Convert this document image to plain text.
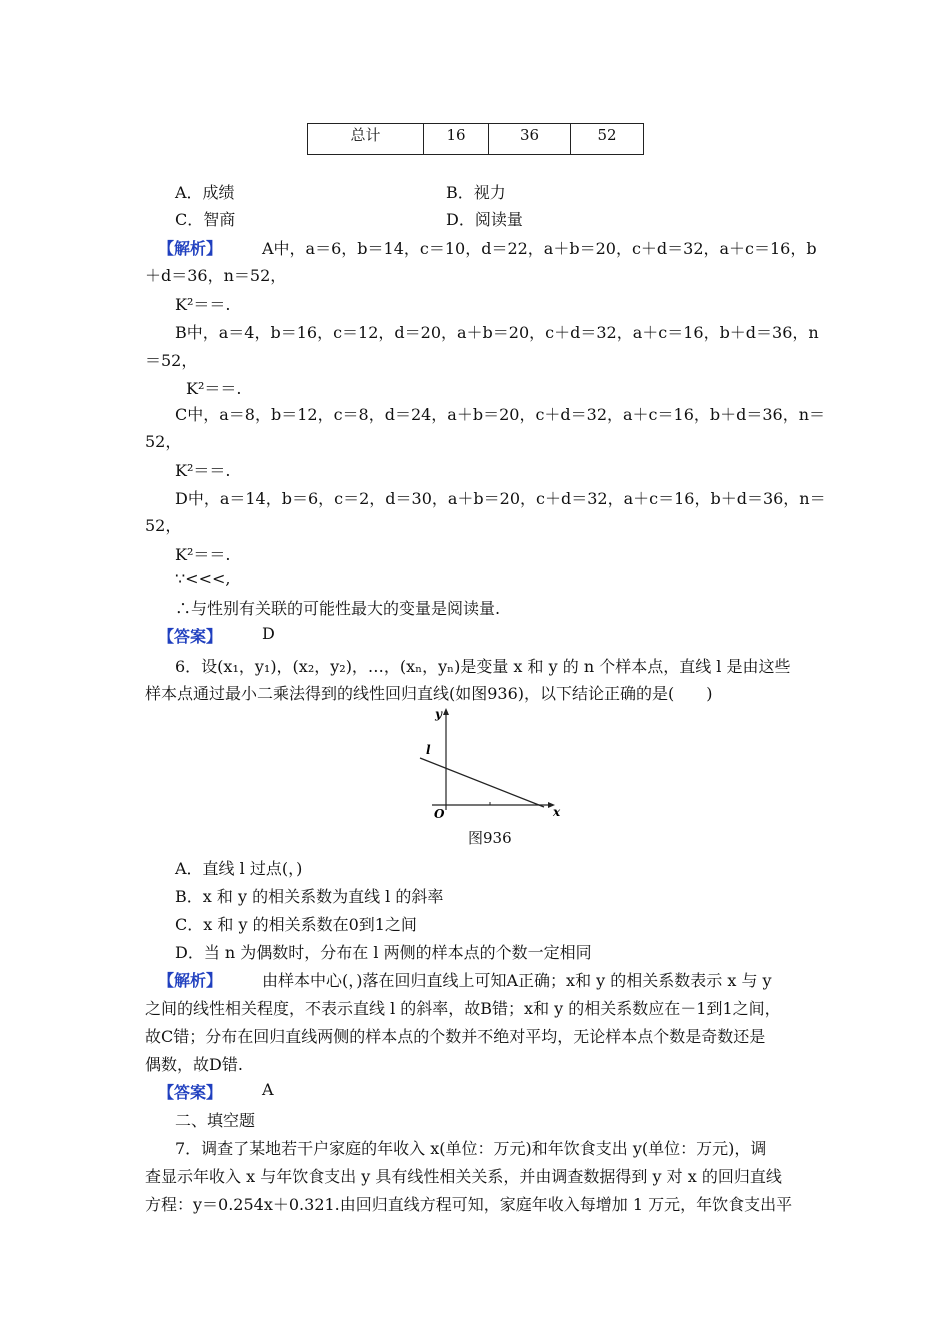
总计	16	36	52
A．成绩	B．视力
C．智商	D．阅读量
【解析】 A中，a＝6，b＝14，c＝10，d＝22，a＋b＝20，c＋d＝32，a＋c＝16，b
＋d＝36，n＝52，
K²＝＝.
B中，a＝4，b＝16，c＝12，d＝20，a＋b＝20，c＋d＝32，a＋c＝16，b＋d＝36，n
＝52，
K²＝＝.
C中，a＝8，b＝12，c＝8，d＝24，a＋b＝20，c＋d＝32，a＋c＝16，b＋d＝36，n＝
52，
K²＝＝.
D中，a＝14，b＝6，c＝2，d＝30，a＋b＝20，c＋d＝32，a＋c＝16，b＋d＝36，n＝
52，
K²＝＝.
∵<<<,
∴与性别有关联的可能性最大的变量是阅读量.
【答案】 D
6．设(x₁，y₁)，(x₂，y₂)，…，(xₙ，yₙ)是变量 x 和 y 的 n 个样本点，直线 l 是由这些
样本点通过最小二乘法得到的线性回归直线(如图936)，以下结论正确的是(　　)
y
x
O
l
图936
A．直线 l 过点(，)
B．x 和 y 的相关系数为直线 l 的斜率
C．x 和 y 的相关系数在0到1之间
D．当 n 为偶数时，分布在 l 两侧的样本点的个数一定相同
【解析】 由样本中心(，)落在回归直线上可知A正确；x和 y 的相关系数表示 x 与 y
之间的线性相关程度，不表示直线 l 的斜率，故B错；x和 y 的相关系数应在－1到1之间，
故C错；分布在回归直线两侧的样本点的个数并不绝对平均，无论样本点个数是奇数还是
偶数，故D错.
【答案】 A
二、填空题
7．调查了某地若干户家庭的年收入 x(单位：万元)和年饮食支出 y(单位：万元)，调
查显示年收入 x 与年饮食支出 y 具有线性相关关系，并由调查数据得到 y 对 x 的回归直线
方程：y＝0.254x＋0.321.由回归直线方程可知，家庭年收入每增加 1 万元，年饮食支出平
